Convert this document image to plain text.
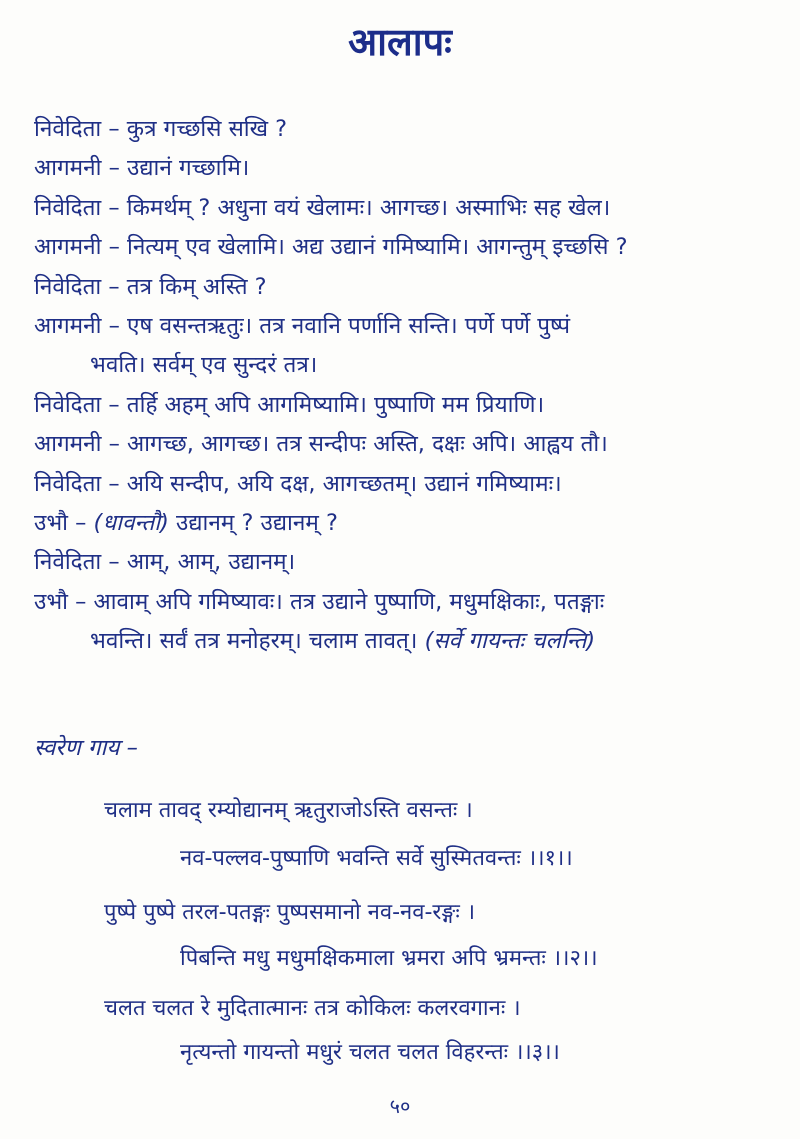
आलापः
निवेदिता – कुत्र गच्छसि सखि ?
आगमनी – उद्यानं गच्छामि।
निवेदिता – किमर्थम् ? अधुना वयं खेलामः। आगच्छ। अस्माभिः सह खेल।
आगमनी – नित्यम् एव खेलामि। अद्य उद्यानं गमिष्यामि। आगन्तुम् इच्छसि ?
निवेदिता – तत्र किम् अस्ति ?
आगमनी – एष वसन्तऋतुः। तत्र नवानि पर्णानि सन्ति। पर्णे पर्णे पुष्पं
भवति। सर्वम् एव सुन्दरं तत्र।
निवेदिता – तर्हि अहम् अपि आगमिष्यामि। पुष्पाणि मम प्रियाणि।
आगमनी – आगच्छ, आगच्छ। तत्र सन्दीपः अस्ति, दक्षः अपि। आह्वय तौ।
निवेदिता – अयि सन्दीप, अयि दक्ष, आगच्छतम्। उद्यानं गमिष्यामः।
उभौ – (धावन्तौ) उद्यानम् ? उद्यानम् ?
निवेदिता – आम्, आम्, उद्यानम्।
उभौ – आवाम् अपि गमिष्यावः। तत्र उद्याने पुष्पाणि, मधुमक्षिकाः, पतङ्गाः
भवन्ति। सर्वं तत्र मनोहरम्। चलाम तावत्। (सर्वे गायन्तः चलन्ति)
स्वरेण गाय –
चलाम तावद् रम्योद्यानम् ऋतुराजोऽस्ति वसन्तः ।
नव-पल्लव-पुष्पाणि भवन्ति सर्वे सुस्मितवन्तः ।।१।।
पुष्पे पुष्पे तरल-पतङ्गः पुष्पसमानो नव-नव-रङ्गः ।
पिबन्ति मधु मधुमक्षिकमाला भ्रमरा अपि भ्रमन्तः ।।२।।
चलत चलत रे मुदितात्मानः तत्र कोकिलः कलरवगानः ।
नृत्यन्तो गायन्तो मधुरं चलत चलत विहरन्तः ।।३।।
५०
